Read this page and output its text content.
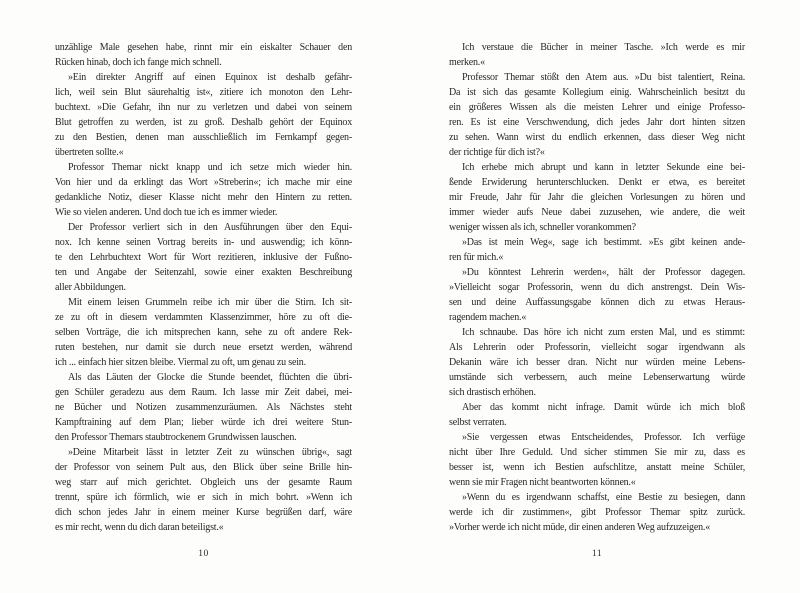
unzählige Male gesehen habe, rinnt mir ein eiskalter Schauer den
Rücken hinab, doch ich fange mich schnell.
»Ein direkter Angriff auf einen Equinox ist deshalb gefähr-
lich, weil sein Blut säurehaltig ist«, zitiere ich monoton den Lehr-
buchtext. »Die Gefahr, ihn nur zu verletzen und dabei von seinem
Blut getroffen zu werden, ist zu groß. Deshalb gehört der Equinox
zu den Bestien, denen man ausschließlich im Fernkampf gegen-
übertreten sollte.«
Professor Themar nickt knapp und ich setze mich wieder hin.
Von hier und da erklingt das Wort »Streberin«; ich mache mir eine
gedankliche Notiz, dieser Klasse nicht mehr den Hintern zu retten.
Wie so vielen anderen. Und doch tue ich es immer wieder.
Der Professor verliert sich in den Ausführungen über den Equi-
nox. Ich kenne seinen Vortrag bereits in- und auswendig; ich könn-
te den Lehrbuchtext Wort für Wort rezitieren, inklusive der Fußno-
ten und Angabe der Seitenzahl, sowie einer exakten Beschreibung
aller Abbildungen.
Mit einem leisen Grummeln reibe ich mir über die Stirn. Ich sit-
ze zu oft in diesem verdammten Klassenzimmer, höre zu oft die-
selben Vorträge, die ich mitsprechen kann, sehe zu oft andere Rek-
ruten bestehen, nur damit sie durch neue ersetzt werden, während
ich ... einfach hier sitzen bleibe. Viermal zu oft, um genau zu sein.
Als das Läuten der Glocke die Stunde beendet, flüchten die übri-
gen Schüler geradezu aus dem Raum. Ich lasse mir Zeit dabei, mei-
ne Bücher und Notizen zusammenzuräumen. Als Nächstes steht
Kampftraining auf dem Plan; lieber würde ich drei weitere Stun-
den Professor Themars staubtrockenem Grundwissen lauschen.
»Deine Mitarbeit lässt in letzter Zeit zu wünschen übrig«, sagt
der Professor von seinem Pult aus, den Blick über seine Brille hin-
weg starr auf mich gerichtet. Obgleich uns der gesamte Raum
trennt, spüre ich förmlich, wie er sich in mich bohrt. »Wenn ich
dich schon jedes Jahr in einem meiner Kurse begrüßen darf, wäre
es mir recht, wenn du dich daran beteiligst.«
10
Ich verstaue die Bücher in meiner Tasche. »Ich werde es mir
merken.«
Professor Themar stößt den Atem aus. »Du bist talentiert, Reina.
Da ist sich das gesamte Kollegium einig. Wahrscheinlich besitzt du
ein größeres Wissen als die meisten Lehrer und einige Professo-
ren. Es ist eine Verschwendung, dich jedes Jahr dort hinten sitzen
zu sehen. Wann wirst du endlich erkennen, dass dieser Weg nicht
der richtige für dich ist?«
Ich erhebe mich abrupt und kann in letzter Sekunde eine bei-
ßende Erwiderung herunterschlucken. Denkt er etwa, es bereitet
mir Freude, Jahr für Jahr die gleichen Vorlesungen zu hören und
immer wieder aufs Neue dabei zuzusehen, wie andere, die weit
weniger wissen als ich, schneller vorankommen?
»Das ist mein Weg«, sage ich bestimmt. »Es gibt keinen ande-
ren für mich.«
»Du könntest Lehrerin werden«, hält der Professor dagegen.
»Vielleicht sogar Professorin, wenn du dich anstrengst. Dein Wis-
sen und deine Auffassungsgabe können dich zu etwas Heraus-
ragendem machen.«
Ich schnaube. Das höre ich nicht zum ersten Mal, und es stimmt:
Als Lehrerin oder Professorin, vielleicht sogar irgendwann als
Dekanin wäre ich besser dran. Nicht nur würden meine Lebens-
umstände sich verbessern, auch meine Lebenserwartung würde
sich drastisch erhöhen.
Aber das kommt nicht infrage. Damit würde ich mich bloß
selbst verraten.
»Sie vergessen etwas Entscheidendes, Professor. Ich verfüge
nicht über Ihre Geduld. Und sicher stimmen Sie mir zu, dass es
besser ist, wenn ich Bestien aufschlitze, anstatt meine Schüler,
wenn sie mir Fragen nicht beantworten können.«
»Wenn du es irgendwann schaffst, eine Bestie zu besiegen, dann
werde ich dir zustimmen«, gibt Professor Themar spitz zurück.
»Vorher werde ich nicht müde, dir einen anderen Weg aufzuzeigen.«
11
